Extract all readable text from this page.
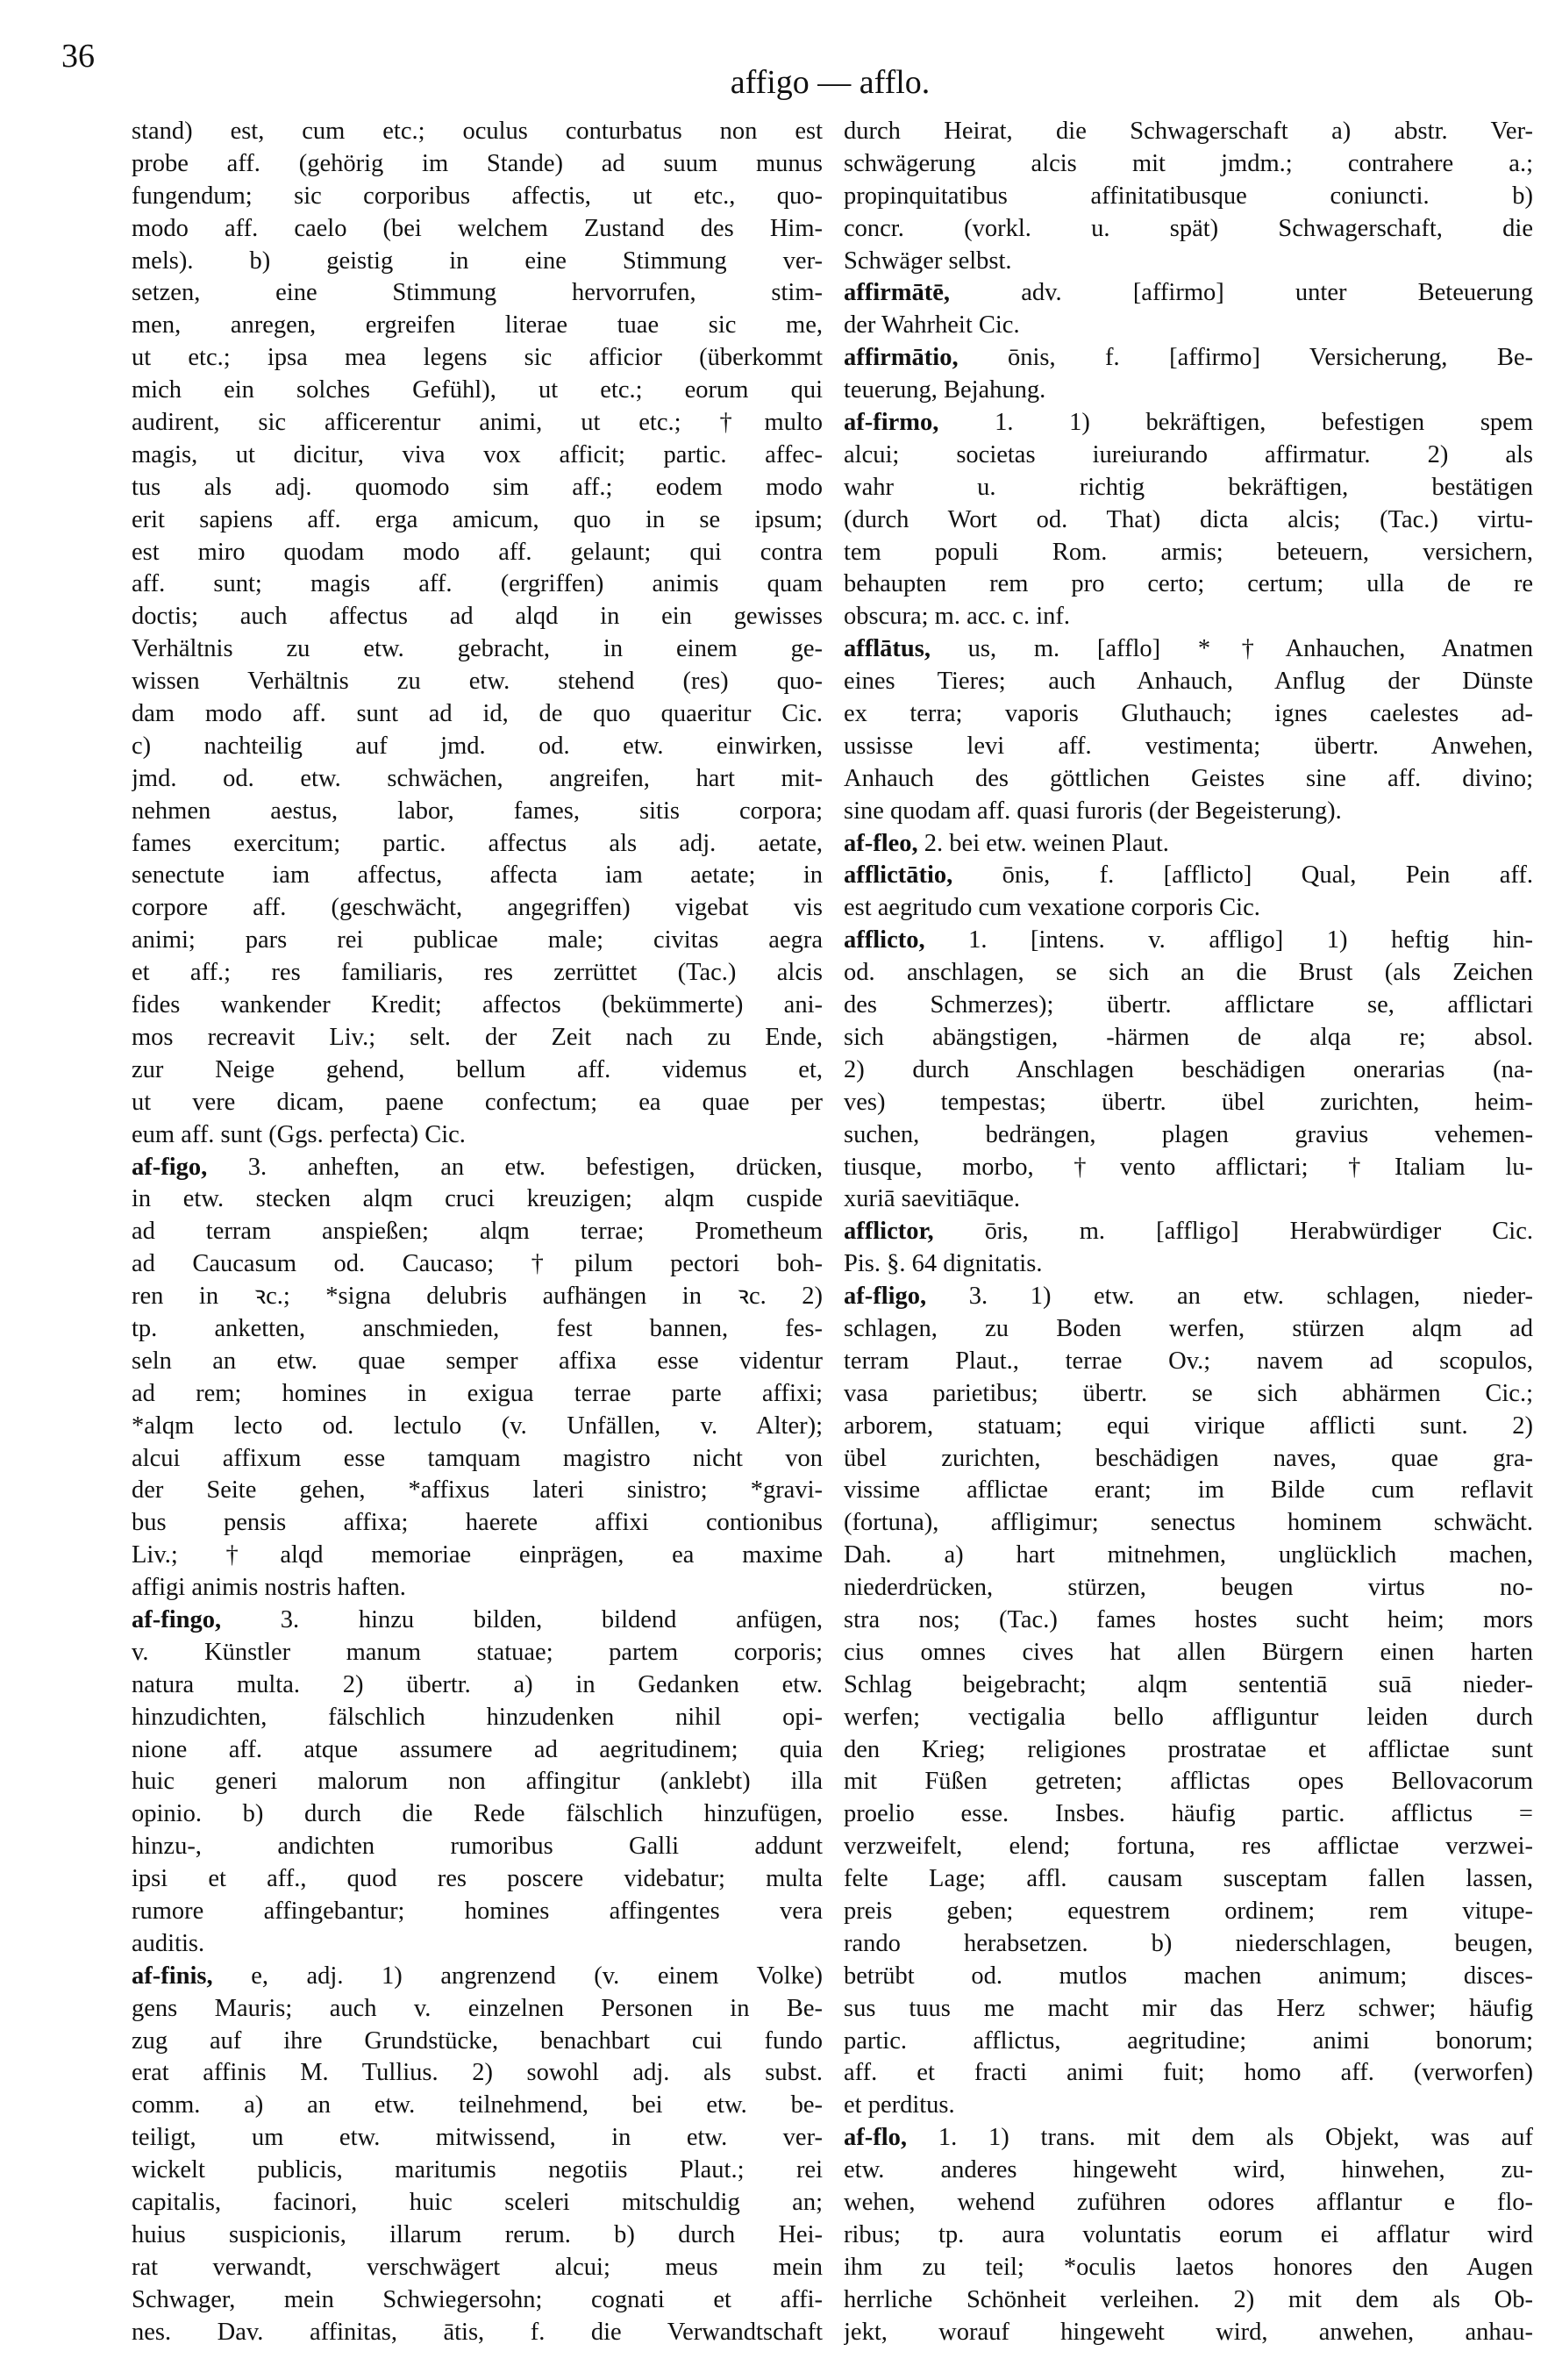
36
affigo — afflo.
stand) est, cum etc.; oculus conturbatus non est
probe aff. (gehörig im Stande) ad suum munus
fungendum; sic corporibus affectis, ut etc., quo-
modo aff. caelo (bei welchem Zustand des Him-
mels). b) geistig in eine Stimmung ver-
setzen, eine Stimmung hervorrufen, stim-
men, anregen, ergreifen literae tuae sic me,
ut etc.; ipsa mea legens sic afficior (überkommt
mich ein solches Gefühl), ut etc.; eorum qui
audirent, sic afficerentur animi, ut etc.; †multo
magis, ut dicitur, viva vox afficit; partic. affec-
tus als adj. quomodo sim aff.; eodem modo
erit sapiens aff. erga amicum, quo in se ipsum;
est miro quodam modo aff. gelaunt; qui contra
aff. sunt; magis aff. (ergriffen) animis quam
doctis; auch affectus ad alqd in ein gewisses
Verhältnis zu etw. gebracht, in einem ge-
wissen Verhältnis zu etw. stehend (res) quo-
dam modo aff. sunt ad id, de quo quaeritur Cic.
c) nachteilig auf jmd. od. etw. einwirken,
jmd. od. etw. schwächen, angreifen, hart mit-
nehmen aestus, labor, fames, sitis corpora;
fames exercitum; partic. affectus als adj. aetate,
senectute iam affectus, affecta iam aetate; in
corpore aff. (geschwächt, angegriffen) vigebat vis
animi; pars rei publicae male; civitas aegra
et aff.; res familiaris, res zerrüttet (Tac.) alcis
fides wankender Kredit; affectos (bekümmerte) ani-
mos recreavit Liv.; selt. der Zeit nach zu Ende,
zur Neige gehend, bellum aff. videmus et,
ut vere dicam, paene confectum; ea quae per
eum aff. sunt (Ggs. perfecta) Cic.
af-figo, 3. anheften, an etw. befestigen, drücken,
in etw. stecken alqm cruci kreuzigen; alqm cuspide
ad terram anspießen; alqm terrae; Prometheum
ad Caucasum od. Caucaso; †pilum pectori boh-
ren in ꝛc.; *signa delubris aufhängen in ꝛc. 2)
tp. anketten, anschmieden, fest bannen, fes-
seln an etw. quae semper affixa esse videntur
ad rem; homines in exigua terrae parte affixi;
*alqm lecto od. lectulo (v. Unfällen, v. Alter);
alcui affixum esse tamquam magistro nicht von
der Seite gehen, *affixus lateri sinistro; *gravi-
bus pensis affixa; haerete affixi contionibus
Liv.; †alqd memoriae einprägen, ea maxime
affigi animis nostris haften.
af-fingo, 3. hinzu bilden, bildend anfügen,
v. Künstler manum statuae; partem corporis;
natura multa. 2) übertr. a) in Gedanken etw.
hinzudichten, fälschlich hinzudenken nihil opi-
nione aff. atque assumere ad aegritudinem; quia
huic generi malorum non affingitur (anklebt) illa
opinio. b) durch die Rede fälschlich hinzufügen,
hinzu-, andichten rumoribus Galli addunt
ipsi et aff., quod res poscere videbatur; multa
rumore affingebantur; homines affingentes vera
auditis.
af-finis, e, adj. 1) angrenzend (v. einem Volke)
gens Mauris; auch v. einzelnen Personen in Be-
zug auf ihre Grundstücke, benachbart cui fundo
erat affinis M. Tullius. 2) sowohl adj. als subst.
comm. a) an etw. teilnehmend, bei etw. be-
teiligt, um etw. mitwissend, in etw. ver-
wickelt publicis, maritumis negotiis Plaut.; rei
capitalis, facinori, huic sceleri mitschuldig an;
huius suspicionis, illarum rerum. b) durch Hei-
rat verwandt, verschwägert alcui; meus mein
Schwager, mein Schwiegersohn; cognati et affi-
nes. Dav. affinitas, ātis, f. die Verwandtschaft
durch Heirat, die Schwagerschaft a) abstr. Ver-
schwägerung alcis mit jmdm.; contrahere a.;
propinquitatibus affinitatibusque coniuncti. b)
concr. (vorkl. u. spät) Schwagerschaft, die
Schwäger selbst.
affirmātē, adv. [affirmo] unter Beteuerung
der Wahrheit Cic.
affirmātio, ōnis, f. [affirmo] Versicherung, Be-
teuerung, Bejahung.
af-firmo, 1. 1) bekräftigen, befestigen spem
alcui; societas iureiurando affirmatur. 2) als
wahr u. richtig bekräftigen, bestätigen
(durch Wort od. That) dicta alcis; (Tac.) virtu-
tem populi Rom. armis; beteuern, versichern,
behaupten rem pro certo; certum; ulla de re
obscura; m. acc. c. inf.
afflātus, us, m. [afflo] *†Anhauchen, Anatmen
eines Tieres; auch Anhauch, Anflug der Dünste
ex terra; vaporis Gluthauch; ignes caelestes ad-
ussisse levi aff. vestimenta; übertr. Anwehen,
Anhauch des göttlichen Geistes sine aff. divino;
sine quodam aff. quasi furoris (der Begeisterung).
af-fleo, 2. bei etw. weinen Plaut.
afflictātio, ōnis, f. [afflicto] Qual, Pein aff.
est aegritudo cum vexatione corporis Cic.
afflicto, 1. [intens. v. affligo] 1) heftig hin-
od. anschlagen, se sich an die Brust (als Zeichen
des Schmerzes); übertr. afflictare se, afflictari
sich abängstigen, -härmen de alqa re; absol.
2) durch Anschlagen beschädigen onerarias (na-
ves) tempestas; übertr. übel zurichten, heim-
suchen, bedrängen, plagen gravius vehemen-
tiusque, morbo, †vento afflictari; †Italiam lu-
xuriā saevitiāque.
afflictor, ōris, m. [affligo] Herabwürdiger Cic.
Pis. §. 64 dignitatis.
af-fligo, 3. 1) etw. an etw. schlagen, nieder-
schlagen, zu Boden werfen, stürzen alqm ad
terram Plaut., terrae Ov.; navem ad scopulos,
vasa parietibus; übertr. se sich abhärmen Cic.;
arborem, statuam; equi virique afflicti sunt. 2)
übel zurichten, beschädigen naves, quae gra-
vissime afflictae erant; im Bilde cum reflavit
(fortuna), affligimur; senectus hominem schwächt.
Dah. a) hart mitnehmen, unglücklich machen,
niederdrücken, stürzen, beugen virtus no-
stra nos; (Tac.) fames hostes sucht heim; mors
cius omnes cives hat allen Bürgern einen harten
Schlag beigebracht; alqm sententiā suā nieder-
werfen; vectigalia bello affliguntur leiden durch
den Krieg; religiones prostratae et afflictae sunt
mit Füßen getreten; afflictas opes Bellovacorum
proelio esse. Insbes. häufig partic. afflictus =
verzweifelt, elend; fortuna, res afflictae verzwei-
felte Lage; affl. causam susceptam fallen lassen,
preis geben; equestrem ordinem; rem vitupe-
rando herabsetzen. b) niederschlagen, beugen,
betrübt od. mutlos machen animum; disces-
sus tuus me macht mir das Herz schwer; häufig
partic. afflictus, aegritudine; animi bonorum;
aff. et fracti animi fuit; homo aff. (verworfen)
et perditus.
af-flo, 1. 1) trans. mit dem als Objekt, was auf
etw. anderes hingeweht wird, hinwehen, zu-
wehen, wehend zuführen odores afflantur e flo-
ribus; tp. aura voluntatis eorum ei afflatur wird
ihm zu teil; *oculis laetos honores den Augen
herrliche Schönheit verleihen. 2) mit dem als Ob-
jekt, worauf hingeweht wird, anwehen, anhau-
